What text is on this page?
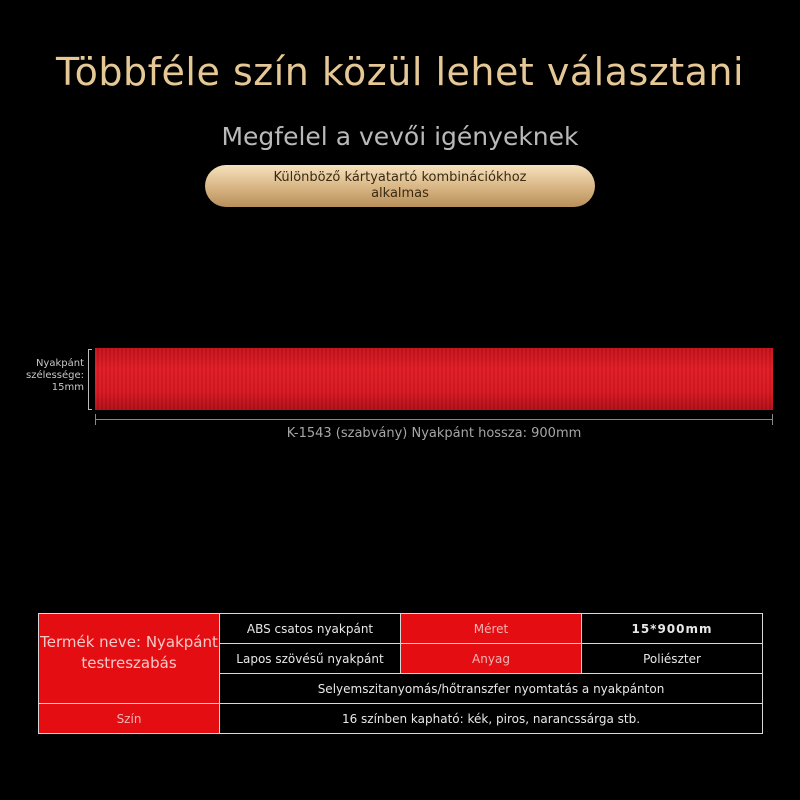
Többféle szín közül lehet választani
Megfelel a vevői igényeknek
Különböző kártyatartó kombinációkhoz alkalmas
Nyakpánt szélessége: 15mm
K-1543 (szabvány) Nyakpánt hossza: 900mm
Termék neve: Nyakpánt testreszabás	ABS csatos nyakpánt	Méret	15*900mm
	Lapos szövésű nyakpánt	Anyag	Poliészter
	Selyemszitanyomás/hőtranszfer nyomtatás a nyakpánton		
Szín	16 színben kapható: kék, piros, narancssárga stb.		
